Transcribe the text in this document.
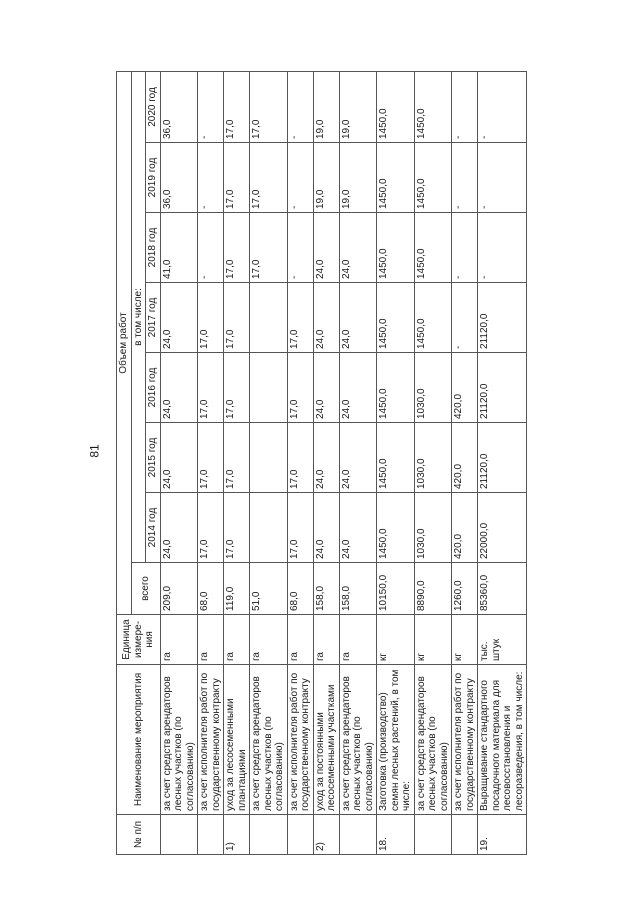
81
№ п/п	Наименование мероприятия	Единица измере-ния	Объем работ							
			всего	в том числе:						
				2014 год	2015 год	2016 год	2017 год	2018 год	2019 год	2020 год
	за счет средств арендаторов лесных участков (по согласованию)	га	209,0	24,0	24,0	24,0	24,0	41,0	36,0	36,0
	за счет исполнителя работ по государственному контракту	га	68,0	17,0	17,0	17,0	17,0	-	-	-
1)	уход за лесосеменными плантациями	га	119,0	17,0	17,0	17,0	17,0	17,0	17,0	17,0
	за счет средств арендаторов лесных участков (по согласованию)	га	51,0					17,0	17,0	17,0
	за счет исполнителя работ по государственному контракту	га	68,0	17,0	17,0	17,0	17,0	-	-	-
2)	уход за постоянными лесосеменными участками	га	158,0	24,0	24,0	24,0	24,0	24,0	19,0	19,0
	за счет средств арендаторов лесных участков (по согласованию)	га	158,0	24,0	24,0	24,0	24,0	24,0	19,0	19,0
18.	Заготовка (производство) семян лесных растений, в том числе:	кг	10150,0	1450,0	1450,0	1450,0	1450,0	1450,0	1450,0	1450,0
	за счет средств арендаторов лесных участков (по согласованию)	кг	8890,0	1030,0	1030,0	1030,0	1450,0	1450,0	1450,0	1450,0
	за счет исполнителя работ по государственному контракту	кг	1260,0	420,0	420,0	420,0	-	-	-	-
19.	Выращивание стандартного посадочного материала для лесовосстановления и лесоразведения, в том числе:	тыс. штук	85360,0	22000,0	21120,0	21120,0	21120,0	-	-	-
